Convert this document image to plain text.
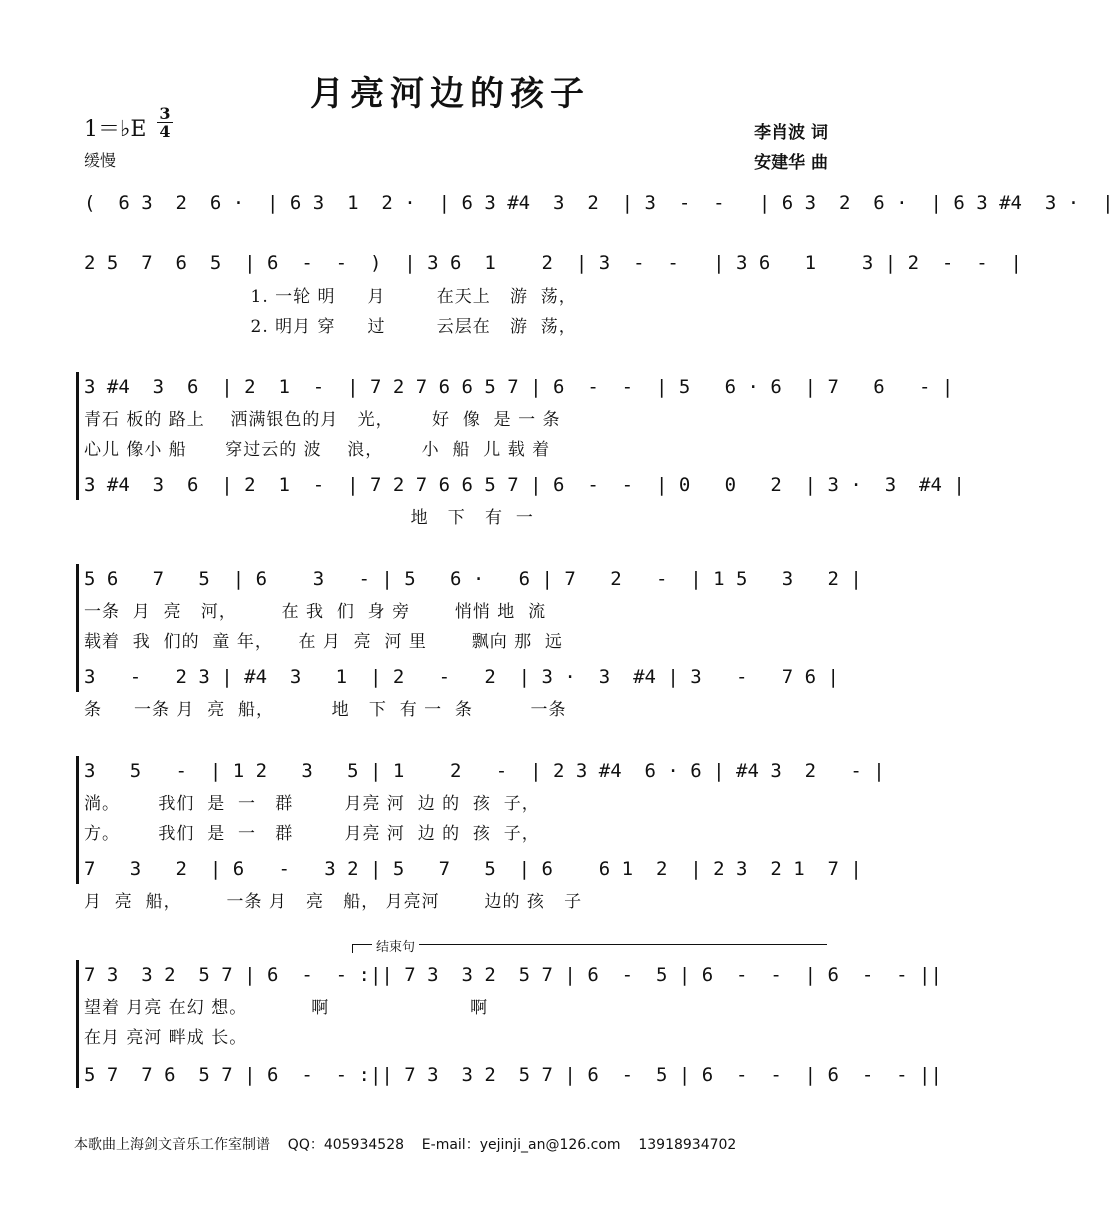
月亮河边的孩子
1＝♭E
3
4
缓慢
李肖波 词
安建华 曲
(  6 3  2  6 ·  | 6 3  1  2 ·  | 6 3 #4  3  2  | 3  -  -   | 6 3  2  6 ·  | 6 3 #4  3 ·  |
2 5  7  6  5  | 6  -  -  )  | 3 6  1    2  | 3  -  -   | 3 6   1    3 | 2  -  -  |
1. 一轮 明     月        在天上   游  荡，
2. 明月 穿     过        云层在   游  荡，
3 #4  3  6  | 2  1  -  | 7 2 7 6 6 5 7 | 6  -  -  | 5   6 · 6  | 7   6   - |
青石 板的 路上    洒满银色的月   光，      好  像  是 一 条
心儿 像小 船      穿过云的 波    浪，      小  船  儿 载 着
3 #4  3  6  | 2  1  -  | 7 2 7 6 6 5 7 | 6  -  -  | 0   0   2  | 3 ·  3  #4 |
地   下   有  一
5 6   7   5  | 6    3   - | 5   6 ·   6 | 7   2   -  | 1 5   3   2 |
一条  月  亮   河，       在 我  们  身 旁       悄悄 地  流
载着  我  们的  童 年，    在 月  亮  河 里       飘向 那  远
3   -   2 3 | #4  3   1  | 2   -   2  | 3 ·  3  #4 | 3   -   7 6 |
条     一条 月  亮  船，         地   下  有 一  条         一条
3   5   -  | 1 2   3   5 | 1    2   -  | 2 3 #4  6 · 6 | #4 3  2   - |
淌。      我们  是  一   群        月亮 河  边 的  孩  子，
方。      我们  是  一   群        月亮 河  边 的  孩  子，
7   3   2  | 6   -   3 2 | 5   7   5  | 6    6 1  2  | 2 3  2 1  7 |
月  亮  船，       一条 月   亮   船， 月亮河       边的 孩   子
结束句
7 3  3 2  5 7 | 6  -  - :|| 7 3  3 2  5 7 | 6  -  5 | 6  -  -  | 6  -  - ||
望着 月亮 在幻 想。          啊                      啊
在月 亮河 畔成 长。
5 7  7 6  5 7 | 6  -  - :|| 7 3  3 2  5 7 | 6  -  5 | 6  -  -  | 6  -  - ||
本歌曲上海剑文音乐工作室制谱    QQ：405934528    E-mail：yejinji_an@126.com    13918934702
